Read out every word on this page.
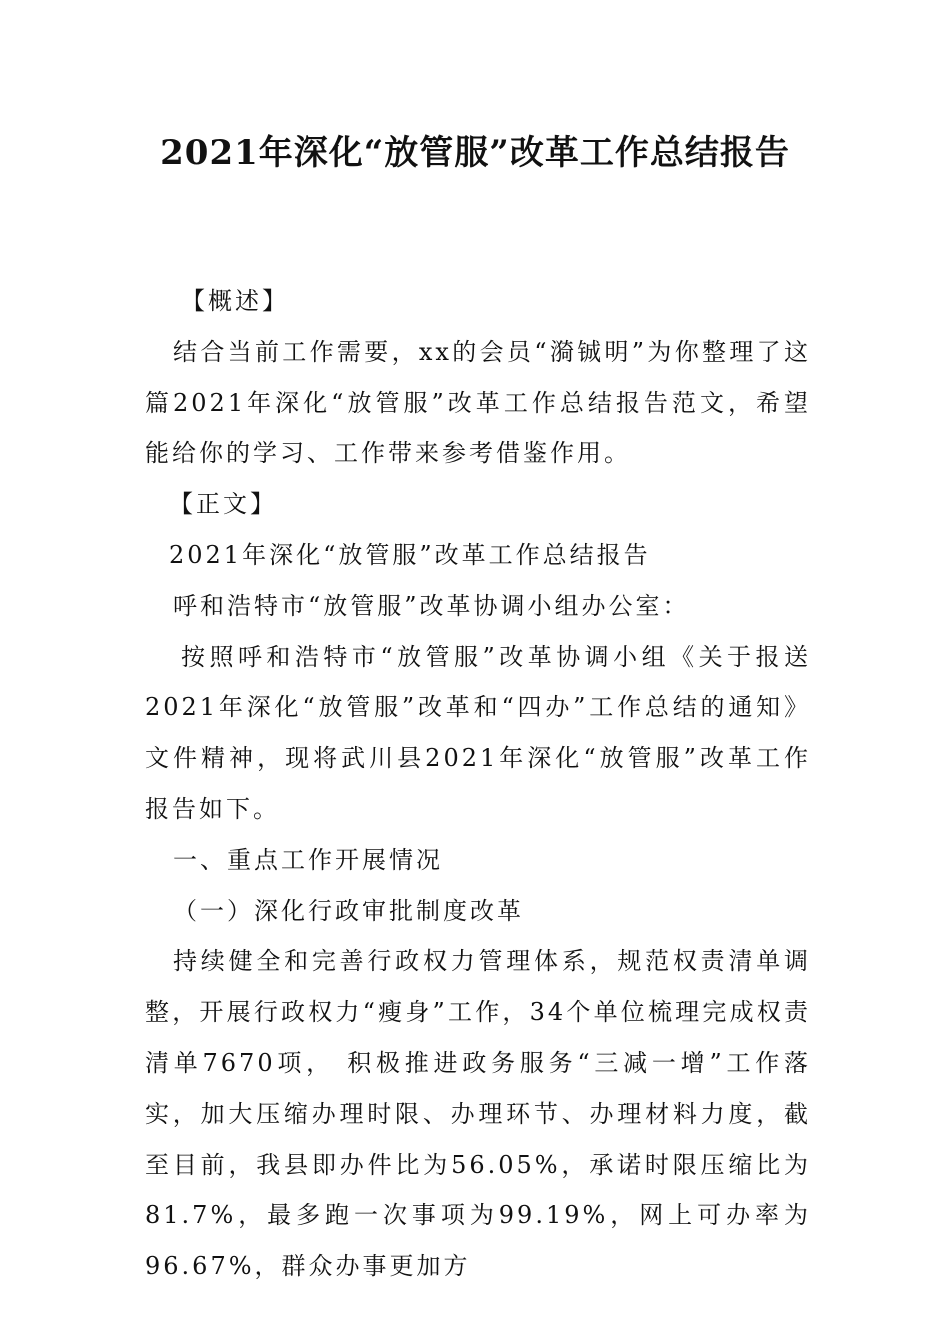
2021年深化“放管服”改革工作总结报告

【概述】

结合当前工作需要，xx的会员“漪铖明”为你整理了这篇2021年深化“放管服”改革工作总结报告范文，希望能给你的学习、工作带来参考借鉴作用。

【正文】

2021年深化“放管服”改革工作总结报告

呼和浩特市“放管服”改革协调小组办公室：

按照呼和浩特市“放管服”改革协调小组《关于报送2021年深化“放管服”改革和“四办”工作总结的通知》文件精神，现将武川县2021年深化“放管服”改革工作报告如下。

一、重点工作开展情况

（一）深化行政审批制度改革

持续健全和完善行政权力管理体系，规范权责清单调整，开展行政权力“瘦身”工作，34个单位梳理完成权责清单7670项， 积极推进政务服务“三减一增”工作落实，加大压缩办理时限、办理环节、办理材料力度，截至目前，我县即办件比为56.05%，承诺时限压缩比为81.7%，最多跑一次事项为99.19%，网上可办率为96.67%，群众办事更加方
